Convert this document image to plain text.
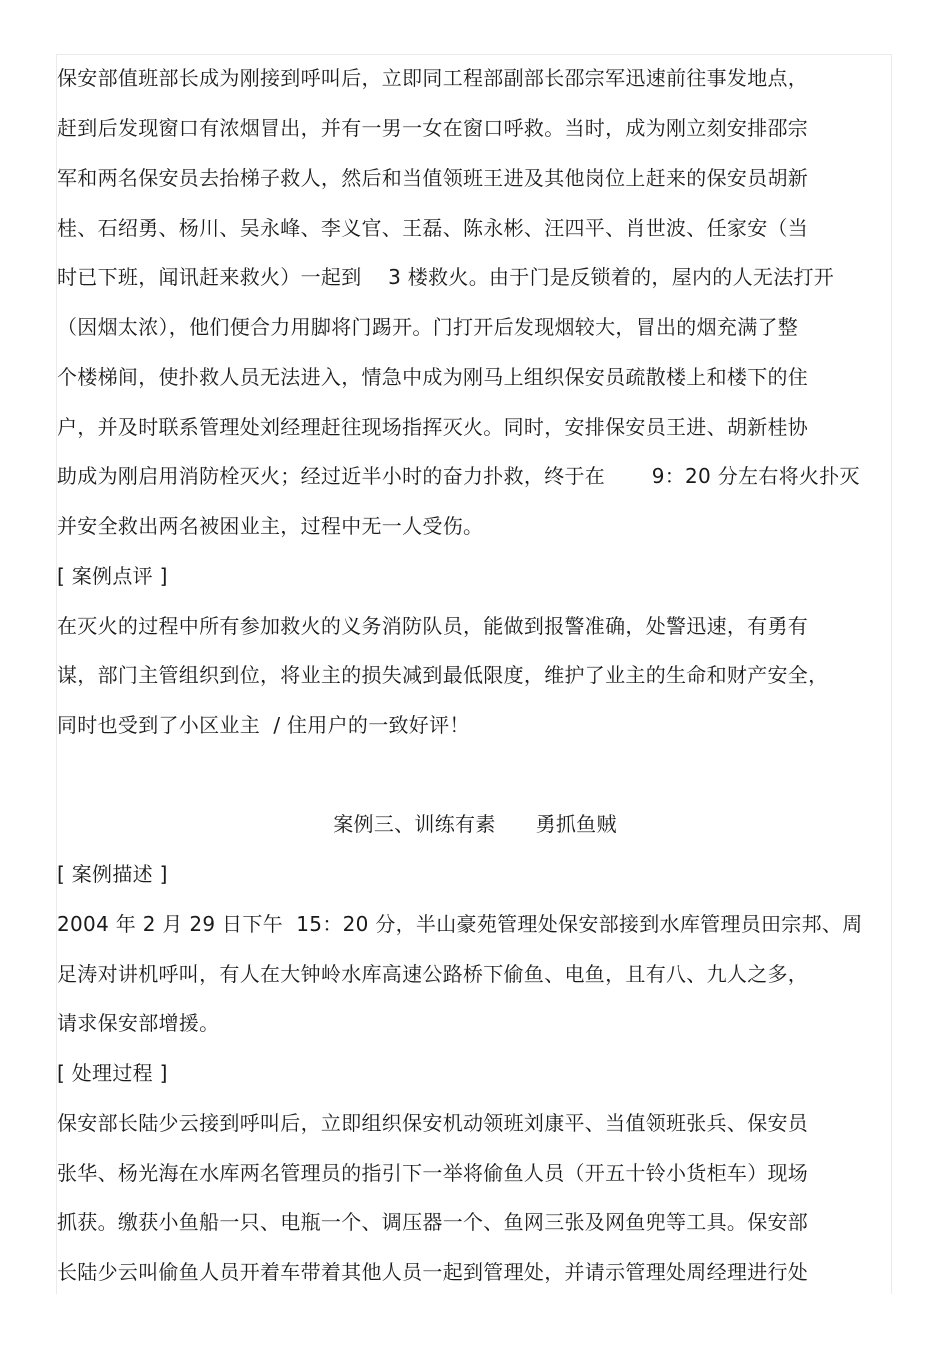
保安部值班部长成为刚接到呼叫后，立即同工程部副部长邵宗军迅速前往事发地点，
赶到后发现窗口有浓烟冒出，并有一男一女在窗口呼救。当时，成为刚立刻安排邵宗
军和两名保安员去抬梯子救人，然后和当值领班王进及其他岗位上赶来的保安员胡新
桂、石绍勇、杨川、吴永峰、李义官、王磊、陈永彬、汪四平、肖世波、任家安（当
时已下班，闻讯赶来救火）一起到    3 楼救火。由于门是反锁着的，屋内的人无法打开
（因烟太浓），他们便合力用脚将门踢开。门打开后发现烟较大，冒出的烟充满了整
个楼梯间，使扑救人员无法进入，情急中成为刚马上组织保安员疏散楼上和楼下的住
户，并及时联系管理处刘经理赶往现场指挥灭火。同时，安排保安员王进、胡新桂协
助成为刚启用消防栓灭火；经过近半小时的奋力扑救，终于在       9：20 分左右将火扑灭
并安全救出两名被困业主，过程中无一人受伤。
[ 案例点评 ]
在灭火的过程中所有参加救火的义务消防队员，能做到报警准确，处警迅速，有勇有
谋，部门主管组织到位，将业主的损失减到最低限度，维护了业主的生命和财产安全，
同时也受到了小区业主  / 住用户的一致好评！
案例三、训练有素      勇抓鱼贼
[ 案例描述 ]
2004 年 2 月 29 日下午  15：20 分，半山豪苑管理处保安部接到水库管理员田宗邦、周
足涛对讲机呼叫，有人在大钟岭水库高速公路桥下偷鱼、电鱼，且有八、九人之多，
请求保安部增援。
[ 处理过程 ]
保安部长陆少云接到呼叫后，立即组织保安机动领班刘康平、当值领班张兵、保安员
张华、杨光海在水库两名管理员的指引下一举将偷鱼人员（开五十铃小货柜车）现场
抓获。缴获小鱼船一只、电瓶一个、调压器一个、鱼网三张及网鱼兜等工具。保安部
长陆少云叫偷鱼人员开着车带着其他人员一起到管理处，并请示管理处周经理进行处
